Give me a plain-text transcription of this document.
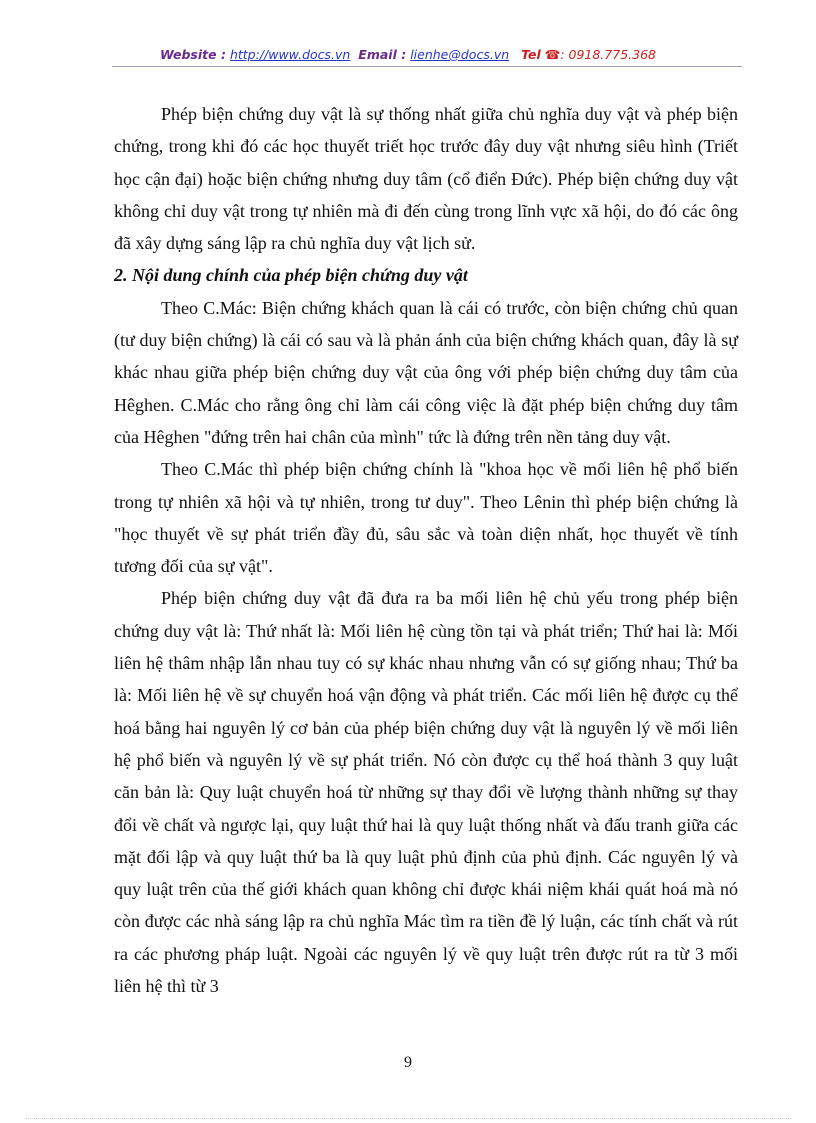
Website : http://www.docs.vn Email : lienhe@docs.vn Tel ☎: 0918.775.368

Phép biện chứng duy vật là sự thống nhất giữa chủ nghĩa duy vật và phép biện chứng, trong khi đó các học thuyết triết học trước đây duy vật nhưng siêu hình (Triết học cận đại) hoặc biện chứng nhưng duy tâm (cổ điển Đức). Phép biện chứng duy vật không chỉ duy vật trong tự nhiên mà đi đến cùng trong lĩnh vực xã hội, do đó các ông đã xây dựng sáng lập ra chủ nghĩa duy vật lịch sử.

2. Nội dung chính của phép biện chứng duy vật

Theo C.Mác: Biện chứng khách quan là cái có trước, còn biện chứng chủ quan (tư duy biện chứng) là cái có sau và là phản ánh của biện chứng khách quan, đây là sự khác nhau giữa phép biện chứng duy vật của ông với phép biện chứng duy tâm của Hêghen. C.Mác cho rằng ông chỉ làm cái công việc là đặt phép biện chứng duy tâm của Hêghen "đứng trên hai chân của mình" tức là đứng trên nền tảng duy vật.

Theo C.Mác thì phép biện chứng chính là "khoa học về mối liên hệ phổ biến trong tự nhiên xã hội và tự nhiên, trong tư duy". Theo Lênin thì phép biện chứng là "học thuyết về sự phát triển đầy đủ, sâu sắc và toàn diện nhất, học thuyết về tính tương đối của sự vật".

Phép biện chứng duy vật đã đưa ra ba mối liên hệ chủ yếu trong phép biện chứng duy vật là: Thứ nhất là: Mối liên hệ cùng tồn tại và phát triển; Thứ hai là: Mối liên hệ thâm nhập lẫn nhau tuy có sự khác nhau nhưng vẫn có sự giống nhau; Thứ ba là: Mối liên hệ về sự chuyển hoá vận động và phát triển. Các mối liên hệ được cụ thể hoá bằng hai nguyên lý cơ bản của phép biện chứng duy vật là nguyên lý về mối liên hệ phổ biến và nguyên lý về sự phát triển. Nó còn được cụ thể hoá thành 3 quy luật căn bản là: Quy luật chuyển hoá từ những sự thay đổi về lượng thành những sự thay đổi về chất và ngược lại, quy luật thứ hai là quy luật thống nhất và đấu tranh giữa các mặt đối lập và quy luật thứ ba là quy luật phủ định của phủ định. Các nguyên lý và quy luật trên của thế giới khách quan không chỉ được khái niệm khái quát hoá mà nó còn được các nhà sáng lập ra chủ nghĩa Mác tìm ra tiền đề lý luận, các tính chất và rút ra các phương pháp luật. Ngoài các nguyên lý về quy luật trên được rút ra từ 3 mối liên hệ thì từ 3

9
